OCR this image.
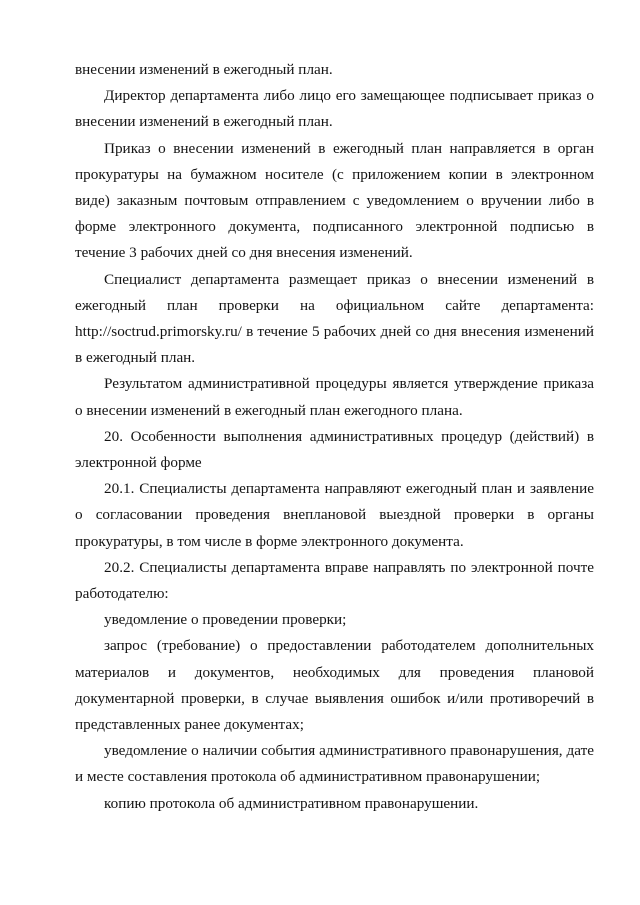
внесении изменений в ежегодный план.

Директор департамента либо лицо его замещающее подписывает приказ о внесении изменений в ежегодный план.

Приказ о внесении изменений в ежегодный план направляется в орган прокуратуры на бумажном носителе (с приложением копии в электронном виде) заказным почтовым отправлением с уведомлением о вручении либо в форме электронного документа, подписанного электронной подписью в течение 3 рабочих дней со дня внесения изменений.

Специалист департамента размещает приказ о внесении изменений в ежегодный план проверки на официальном сайте департамента: http://soctrud.primorsky.ru/ в течение 5 рабочих дней со дня внесения изменений в ежегодный план.

Результатом административной процедуры является утверждение приказа о внесении изменений в ежегодный план ежегодного плана.

20. Особенности выполнения административных процедур (действий) в электронной форме

20.1. Специалисты департамента направляют ежегодный план и заявление о согласовании проведения внеплановой выездной проверки в органы прокуратуры, в том числе в форме электронного документа.

20.2. Специалисты департамента вправе направлять по электронной почте работодателю:

уведомление о проведении проверки;

запрос (требование) о предоставлении работодателем дополнительных материалов и документов, необходимых для проведения плановой документарной проверки, в случае выявления ошибок и/или противоречий в представленных ранее документах;

уведомление о наличии события административного правонарушения, дате и месте составления протокола об административном правонарушении;

копию протокола об административном правонарушении.
